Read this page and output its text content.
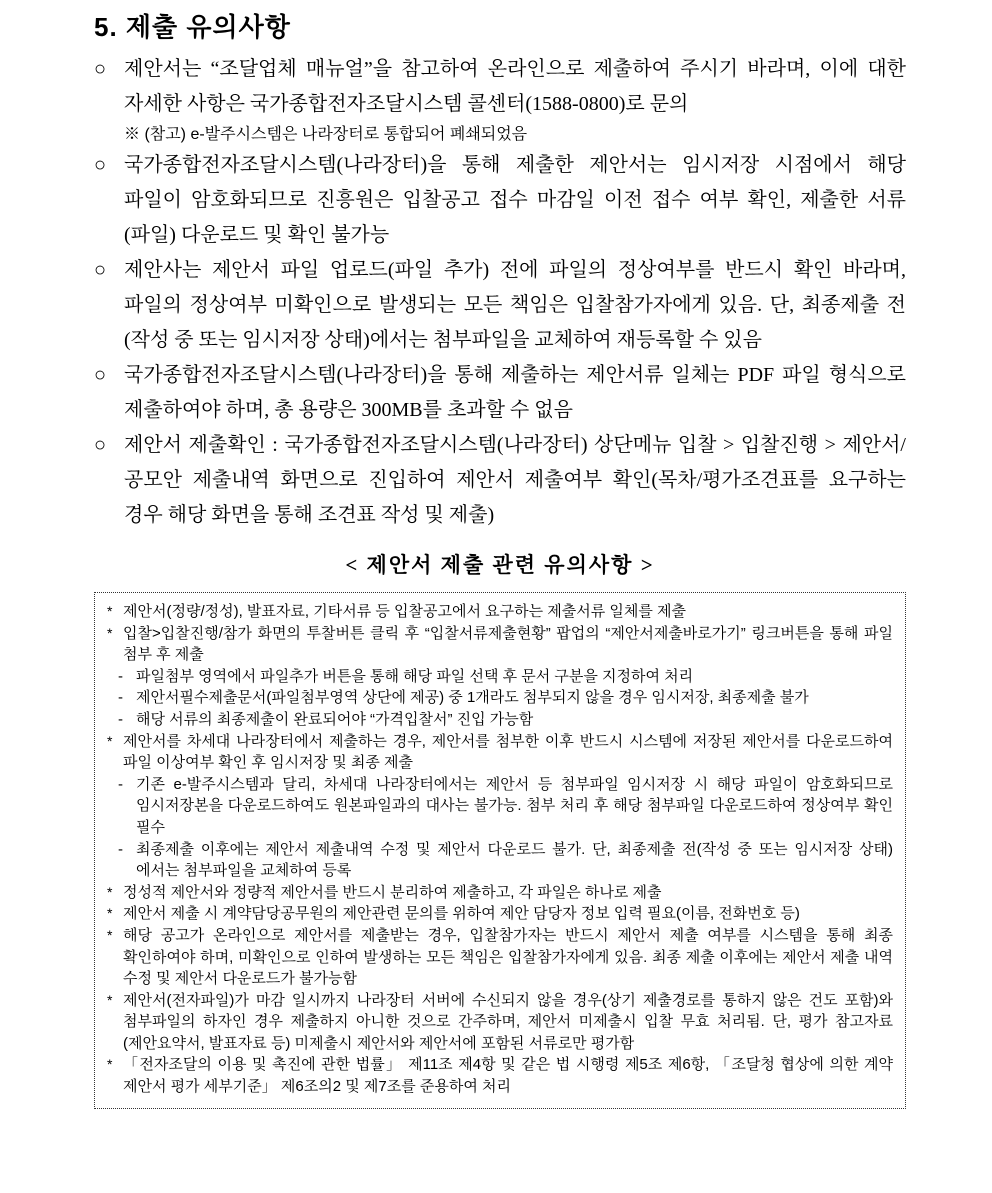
5. 제출 유의사항
○ 제안서는 “조달업체 매뉴얼”을 참고하여 온라인으로 제출하여 주시기 바라며, 이에 대한 자세한 사항은 국가종합전자조달시스템 콜센터(1588-0800)로 문의
※ (참고) e-발주시스템은 나라장터로 통합되어 폐쇄되었음
○ 국가종합전자조달시스템(나라장터)을 통해 제출한 제안서는 임시저장 시점에서 해당 파일이 암호화되므로 진흥원은 입찰공고 접수 마감일 이전 접수 여부 확인, 제출한 서류(파일) 다운로드 및 확인 불가능
○ 제안사는 제안서 파일 업로드(파일 추가) 전에 파일의 정상여부를 반드시 확인 바라며, 파일의 정상여부 미확인으로 발생되는 모든 책임은 입찰참가자에게 있음. 단, 최종제출 전(작성 중 또는 임시저장 상태)에서는 첨부파일을 교체하여 재등록할 수 있음
○ 국가종합전자조달시스템(나라장터)을 통해 제출하는 제안서류 일체는 PDF 파일 형식으로 제출하여야 하며, 총 용량은 300MB를 초과할 수 없음
○ 제안서 제출확인 : 국가종합전자조달시스템(나라장터) 상단메뉴 입찰 > 입찰진행 > 제안서/공모안 제출내역 화면으로 진입하여 제안서 제출여부 확인(목차/평가조견표를 요구하는 경우 해당 화면을 통해 조견표 작성 및 제출)
< 제안서 제출 관련 유의사항 >
* 제안서(정량/정성), 발표자료, 기타서류 등 입찰공고에서 요구하는 제출서류 일체를 제출
* 입찰>입찰진행/참가 화면의 투찰버튼 클릭 후 “입찰서류제출현황” 팝업의 “제안서제출바로가기” 링크버튼을 통해 파일 첨부 후 제출
- 파일첨부 영역에서 파일추가 버튼을 통해 해당 파일 선택 후 문서 구분을 지정하여 처리
- 제안서필수제출문서(파일첨부영역 상단에 제공) 중 1개라도 첨부되지 않을 경우 임시저장, 최종제출 불가
- 해당 서류의 최종제출이 완료되어야 “가격입찰서” 진입 가능함
* 제안서를 차세대 나라장터에서 제출하는 경우, 제안서를 첨부한 이후 반드시 시스템에 저장된 제안서를 다운로드하여 파일 이상여부 확인 후 임시저장 및 최종 제출
- 기존 e-발주시스템과 달리, 차세대 나라장터에서는 제안서 등 첨부파일 임시저장 시 해당 파일이 암호화되므로 임시저장본을 다운로드하여도 원본파일과의 대사는 불가능. 첨부 처리 후 해당 첨부파일 다운로드하여 정상여부 확인 필수
- 최종제출 이후에는 제안서 제출내역 수정 및 제안서 다운로드 불가. 단, 최종제출 전(작성 중 또는 임시저장 상태)에서는 첨부파일을 교체하여 등록
* 정성적 제안서와 정량적 제안서를 반드시 분리하여 제출하고, 각 파일은 하나로 제출
* 제안서 제출 시 계약담당공무원의 제안관련 문의를 위하여 제안 담당자 정보 입력 필요(이름, 전화번호 등)
* 해당 공고가 온라인으로 제안서를 제출받는 경우, 입찰참가자는 반드시 제안서 제출 여부를 시스템을 통해 최종 확인하여야 하며, 미확인으로 인하여 발생하는 모든 책임은 입찰참가자에게 있음. 최종 제출 이후에는 제안서 제출 내역 수정 및 제안서 다운로드가 불가능함
* 제안서(전자파일)가 마감 일시까지 나라장터 서버에 수신되지 않을 경우(상기 제출경로를 통하지 않은 건도 포함)와 첨부파일의 하자인 경우 제출하지 아니한 것으로 간주하며, 제안서 미제출시 입찰 무효 처리됨. 단, 평가 참고자료(제안요약서, 발표자료 등) 미제출시 제안서와 제안서에 포함된 서류로만 평가함
* 「전자조달의 이용 및 촉진에 관한 법률」 제11조 제4항 및 같은 법 시행령 제5조 제6항, 「조달청 협상에 의한 계약 제안서 평가 세부기준」 제6조의2 및 제7조를 준용하여 처리
